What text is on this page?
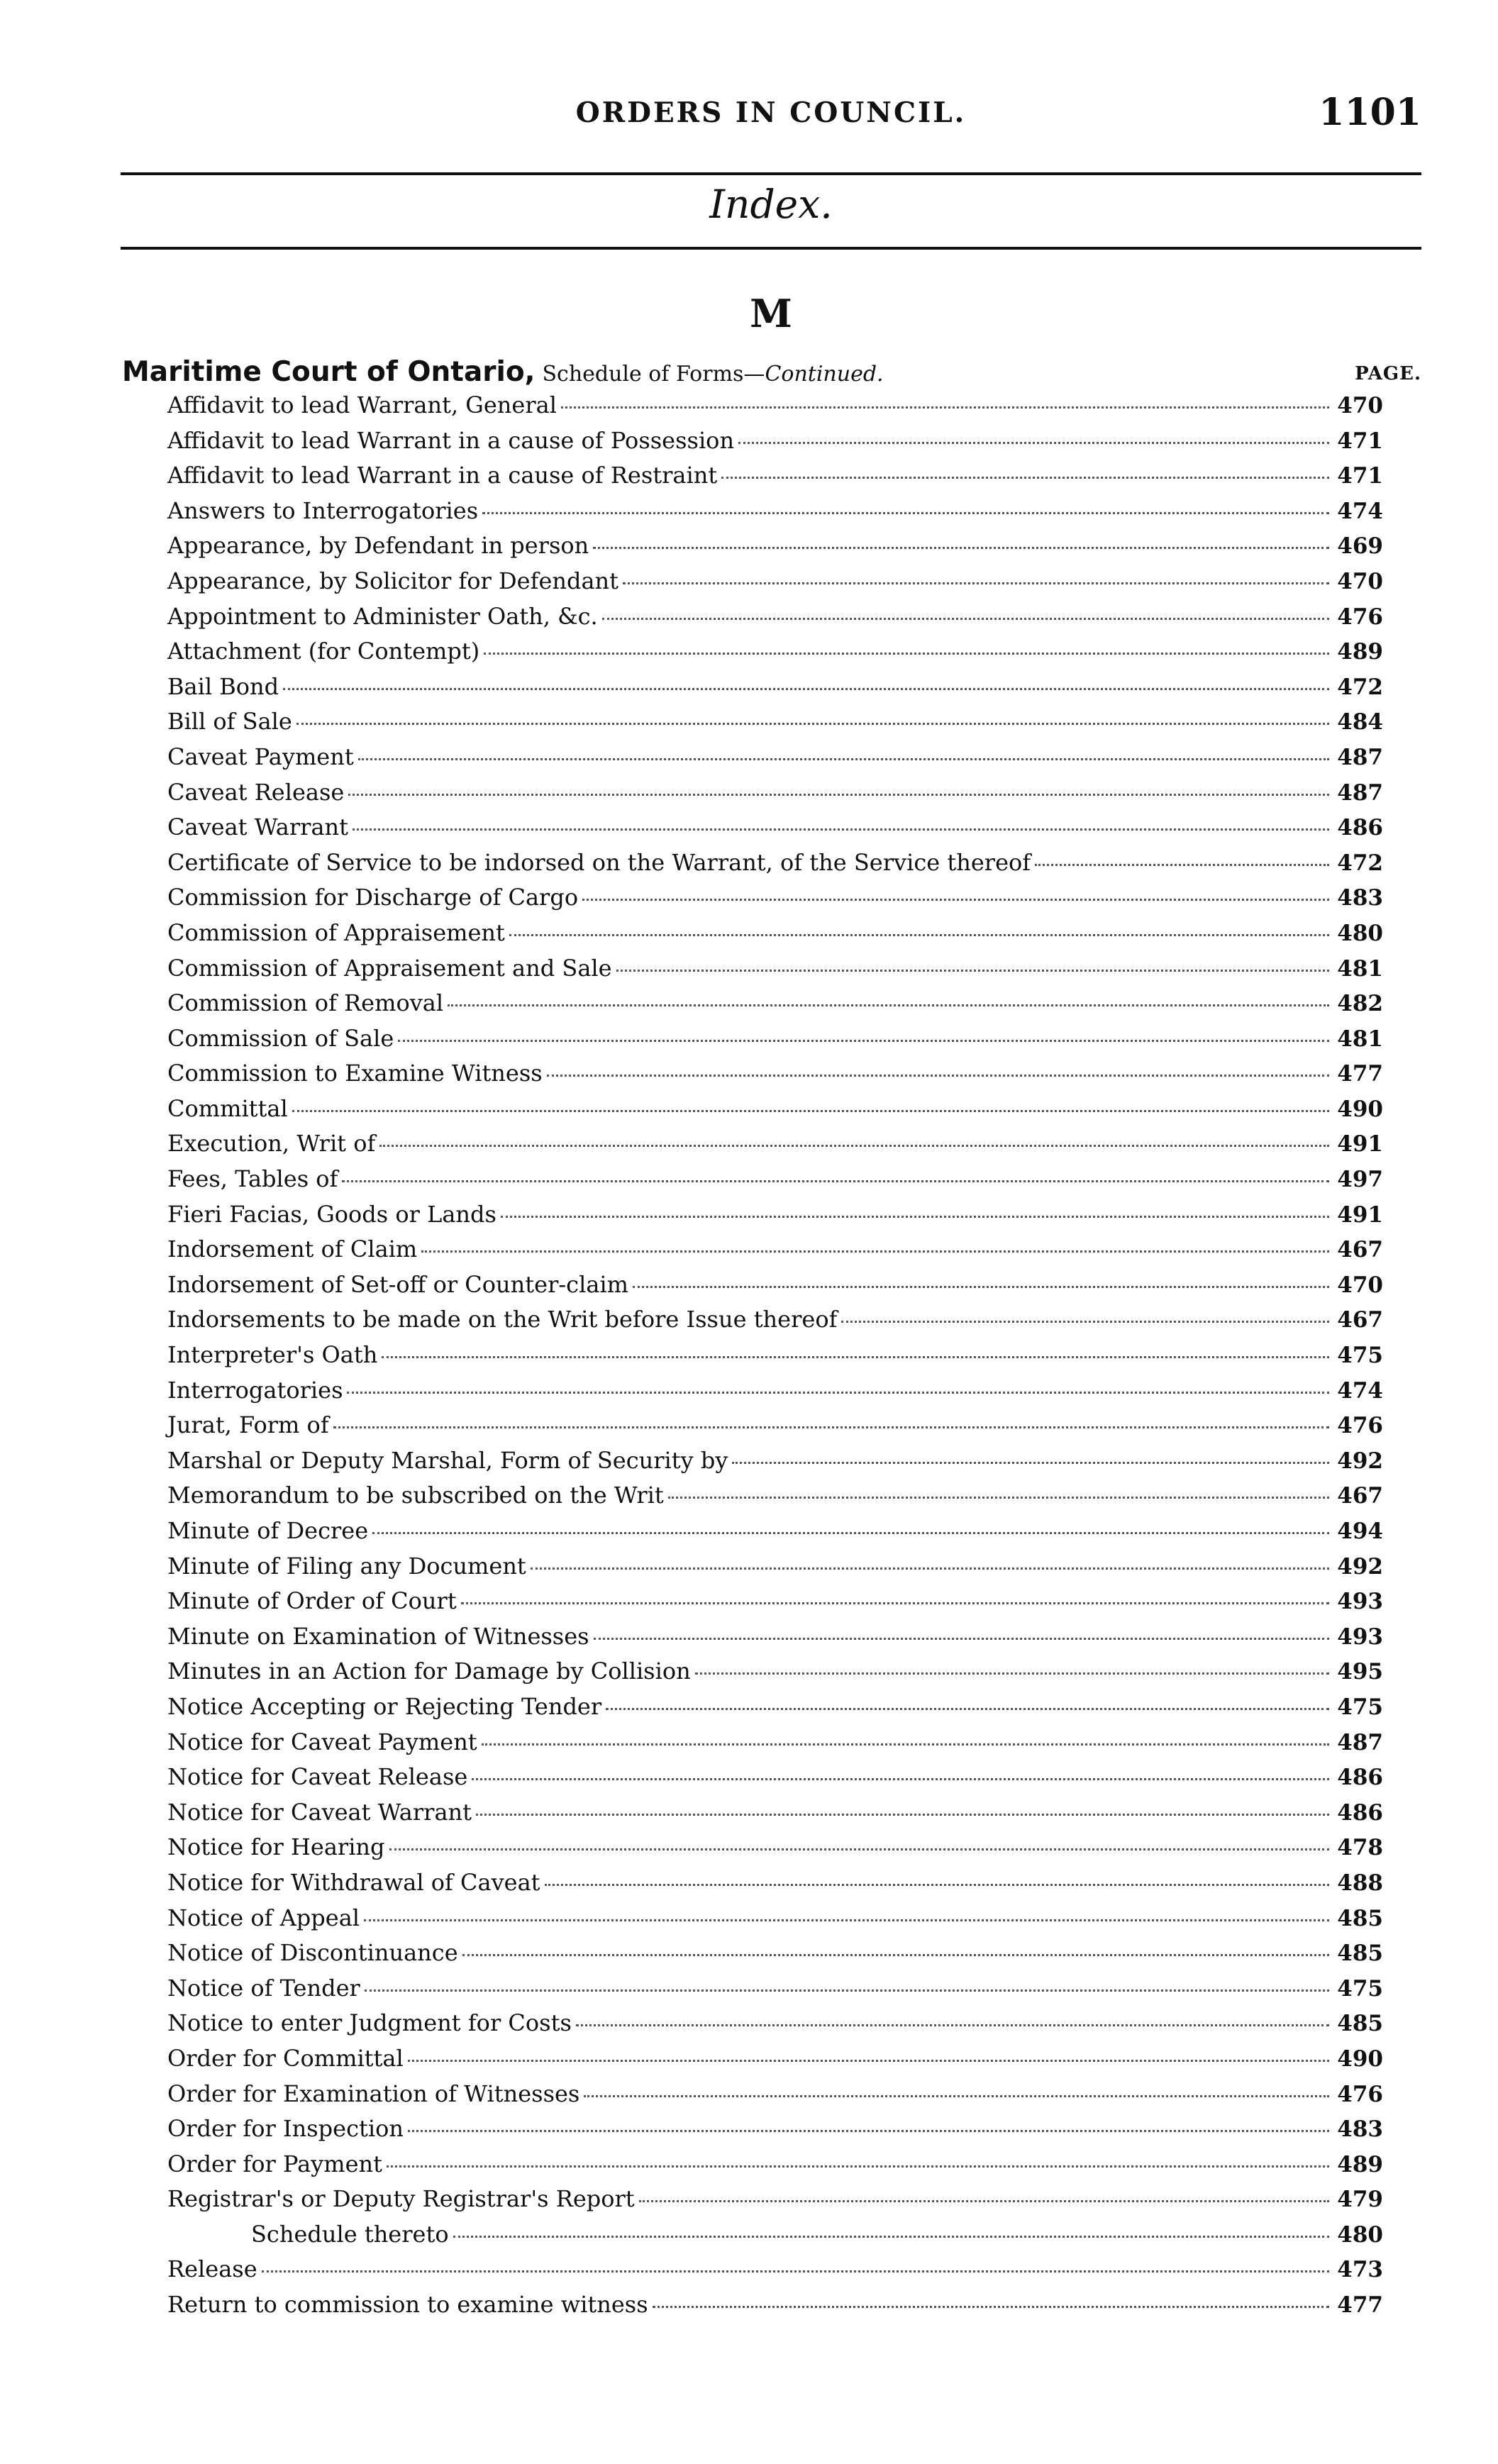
ORDERS IN COUNCIL.	1101
Index.
M
Maritime Court of Ontario, Schedule of Forms—Continued.	PAGE.
Affidavit to lead Warrant, General	470
Affidavit to lead Warrant in a cause of Possession	471
Affidavit to lead Warrant in a cause of Restraint	471
Answers to Interrogatories	474
Appearance, by Defendant in person	469
Appearance, by Solicitor for Defendant	470
Appointment to Administer Oath, &c.	476
Attachment (for Contempt)	489
Bail Bond	472
Bill of Sale	484
Caveat Payment	487
Caveat Release	487
Caveat Warrant	486
Certificate of Service to be indorsed on the Warrant, of the Service thereof	472
Commission for Discharge of Cargo	483
Commission of Appraisement	480
Commission of Appraisement and Sale	481
Commission of Removal	482
Commission of Sale	481
Commission to Examine Witness	477
Committal	490
Execution, Writ of	491
Fees, Tables of	497
Fieri Facias, Goods or Lands	491
Indorsement of Claim	467
Indorsement of Set-off or Counter-claim	470
Indorsements to be made on the Writ before Issue thereof	467
Interpreter's Oath	475
Interrogatories	474
Jurat, Form of	476
Marshal or Deputy Marshal, Form of Security by	492
Memorandum to be subscribed on the Writ	467
Minute of Decree	494
Minute of Filing any Document	492
Minute of Order of Court	493
Minute on Examination of Witnesses	493
Minutes in an Action for Damage by Collision	495
Notice Accepting or Rejecting Tender	475
Notice for Caveat Payment	487
Notice for Caveat Release	486
Notice for Caveat Warrant	486
Notice for Hearing	478
Notice for Withdrawal of Caveat	488
Notice of Appeal	485
Notice of Discontinuance	485
Notice of Tender	475
Notice to enter Judgment for Costs	485
Order for Committal	490
Order for Examination of Witnesses	476
Order for Inspection	483
Order for Payment	489
Registrar's or Deputy Registrar's Report	479
Schedule thereto	480
Release	473
Return to commission to examine witness	477
